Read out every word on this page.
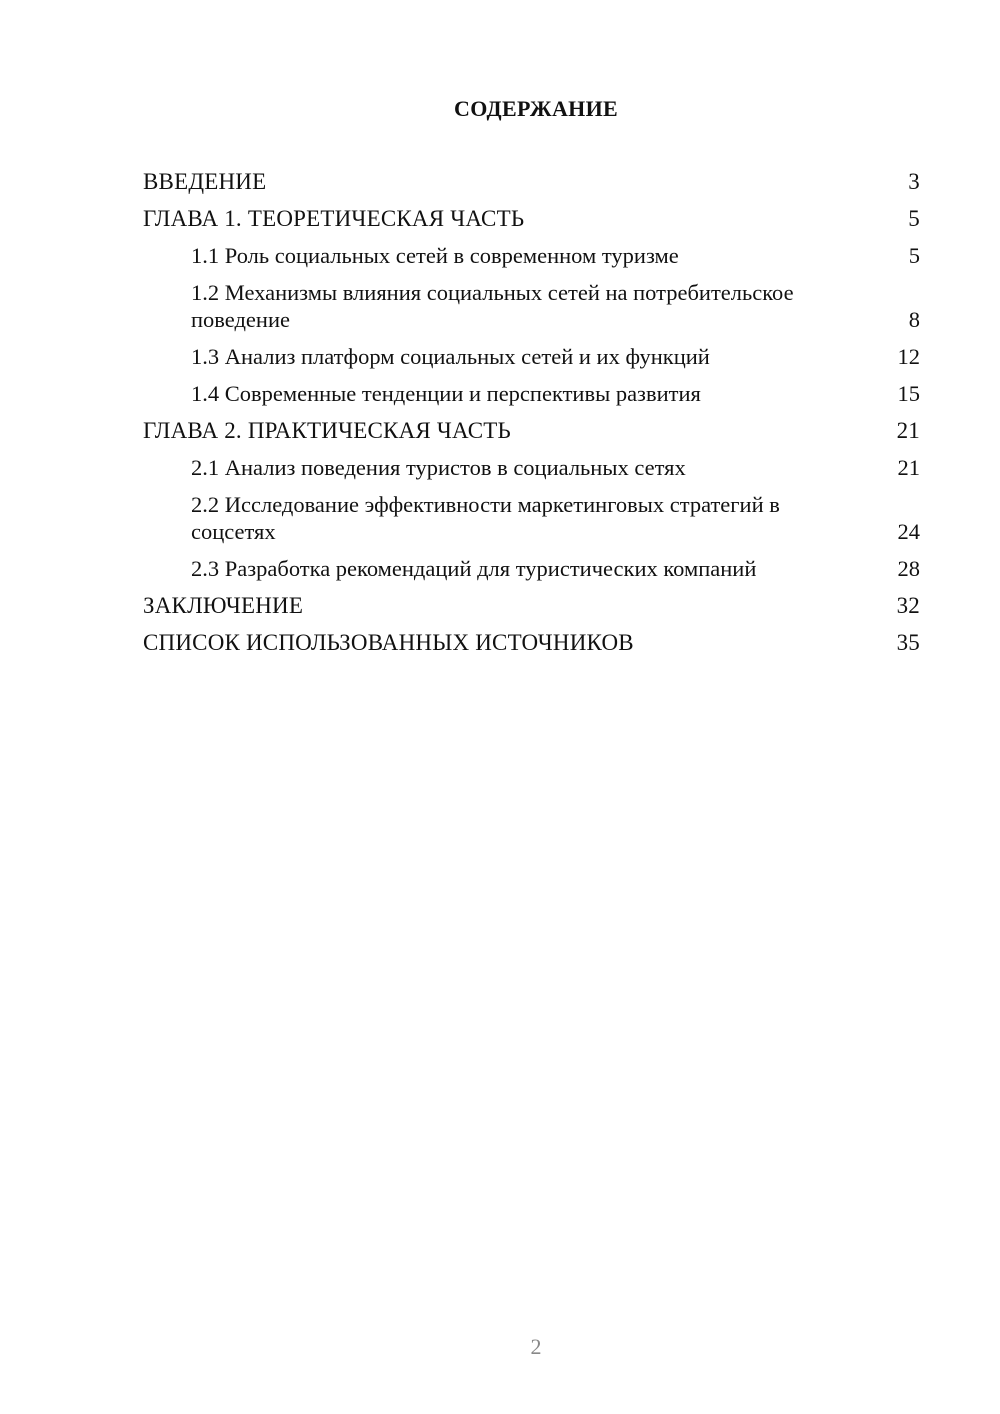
СОДЕРЖАНИЕ
ВВЕДЕНИЕ	3
ГЛАВА 1. ТЕОРЕТИЧЕСКАЯ ЧАСТЬ	5
1.1 Роль социальных сетей в современном туризме	5
1.2 Механизмы влияния социальных сетей на потребительское поведение	8
1.3 Анализ платформ социальных сетей и их функций	12
1.4 Современные тенденции и перспективы развития	15
ГЛАВА 2. ПРАКТИЧЕСКАЯ ЧАСТЬ	21
2.1 Анализ поведения туристов в социальных сетях	21
2.2 Исследование эффективности маркетинговых стратегий в соцсетях	24
2.3 Разработка рекомендаций для туристических компаний	28
ЗАКЛЮЧЕНИЕ	32
СПИСОК ИСПОЛЬЗОВАННЫХ ИСТОЧНИКОВ	35
2
